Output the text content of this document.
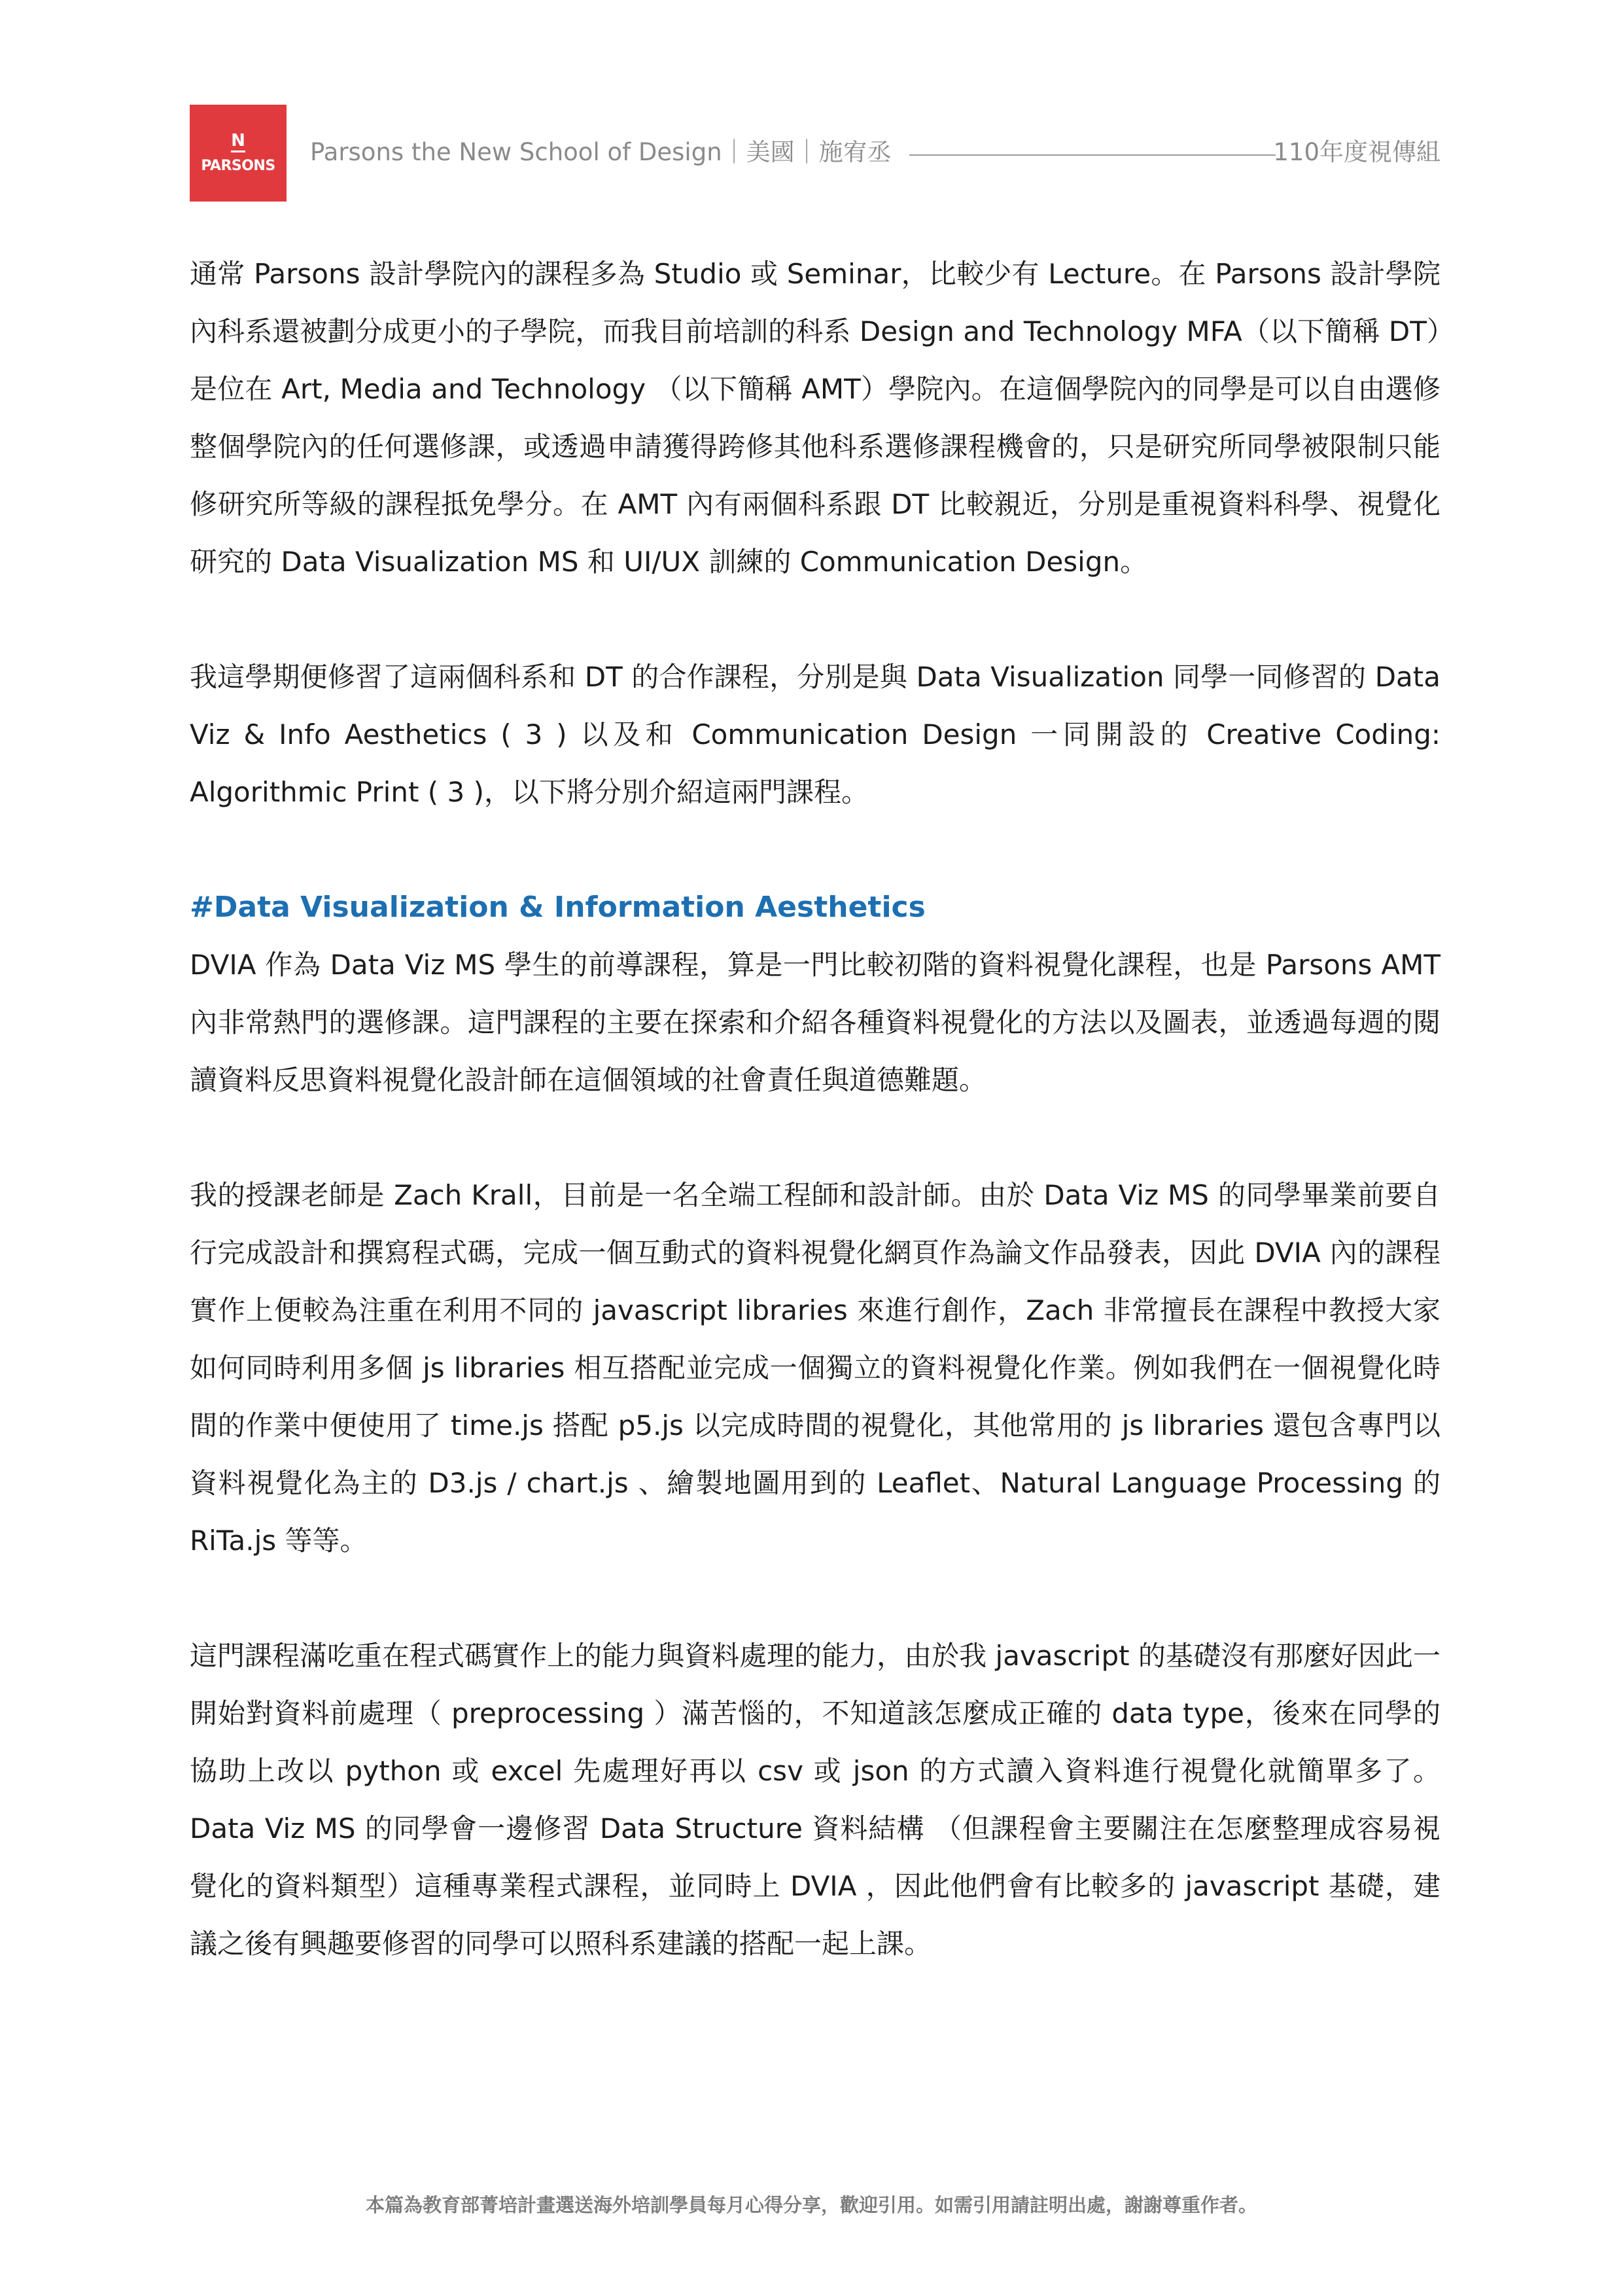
N
PARSONS Parsons the New School of Design｜美國｜施宥丞	110年度視傳組

通常 Parsons 設計學院內的課程多為 Studio 或 Seminar，比較少有 Lecture。在 Parsons 設計學院內科系還被劃分成更小的子學院，而我目前培訓的科系 Design and Technology MFA（以下簡稱 DT）是位在 Art, Media and Technology （以下簡稱 AMT）學院內。在這個學院內的同學是可以自由選修整個學院內的任何選修課，或透過申請獲得跨修其他科系選修課程機會的，只是研究所同學被限制只能修研究所等級的課程抵免學分。在 AMT 內有兩個科系跟 DT 比較親近，分別是重視資料科學、視覺化研究的 Data Visualization MS 和 UI/UX 訓練的 Communication Design。

我這學期便修習了這兩個科系和 DT 的合作課程，分別是與 Data Visualization 同學一同修習的 Data Viz & Info Aesthetics ( 3 ) 以及和 Communication Design 一同開設的 Creative Coding: Algorithmic Print ( 3 )，以下將分別介紹這兩門課程。

#Data Visualization & Information Aesthetics

DVIA 作為 Data Viz MS 學生的前導課程，算是一門比較初階的資料視覺化課程，也是 Parsons AMT 內非常熱門的選修課。這門課程的主要在探索和介紹各種資料視覺化的方法以及圖表，並透過每週的閱讀資料反思資料視覺化設計師在這個領域的社會責任與道德難題。

我的授課老師是 Zach Krall，目前是一名全端工程師和設計師。由於 Data Viz MS 的同學畢業前要自行完成設計和撰寫程式碼，完成一個互動式的資料視覺化網頁作為論文作品發表，因此 DVIA 內的課程實作上便較為注重在利用不同的 javascript libraries 來進行創作，Zach 非常擅長在課程中教授大家如何同時利用多個 js libraries 相互搭配並完成一個獨立的資料視覺化作業。例如我們在一個視覺化時間的作業中便使用了 time.js 搭配 p5.js 以完成時間的視覺化，其他常用的 js libraries 還包含專門以資料視覺化為主的 D3.js / chart.js 、繪製地圖用到的 Leaflet、Natural Language Processing 的 RiTa.js 等等。

這門課程滿吃重在程式碼實作上的能力與資料處理的能力，由於我 javascript 的基礎沒有那麼好因此一開始對資料前處理（ preprocessing ）滿苦惱的，不知道該怎麼成正確的 data type，後來在同學的協助上改以 python 或 excel 先處理好再以 csv 或 json 的方式讀入資料進行視覺化就簡單多了。Data Viz MS 的同學會一邊修習 Data Structure 資料結構 （但課程會主要關注在怎麼整理成容易視覺化的資料類型）這種專業程式課程，並同時上 DVIA ，因此他們會有比較多的 javascript 基礎，建議之後有興趣要修習的同學可以照科系建議的搭配一起上課。

本篇為教育部菁培計畫選送海外培訓學員每月心得分享，歡迎引用。如需引用請註明出處，謝謝尊重作者。
